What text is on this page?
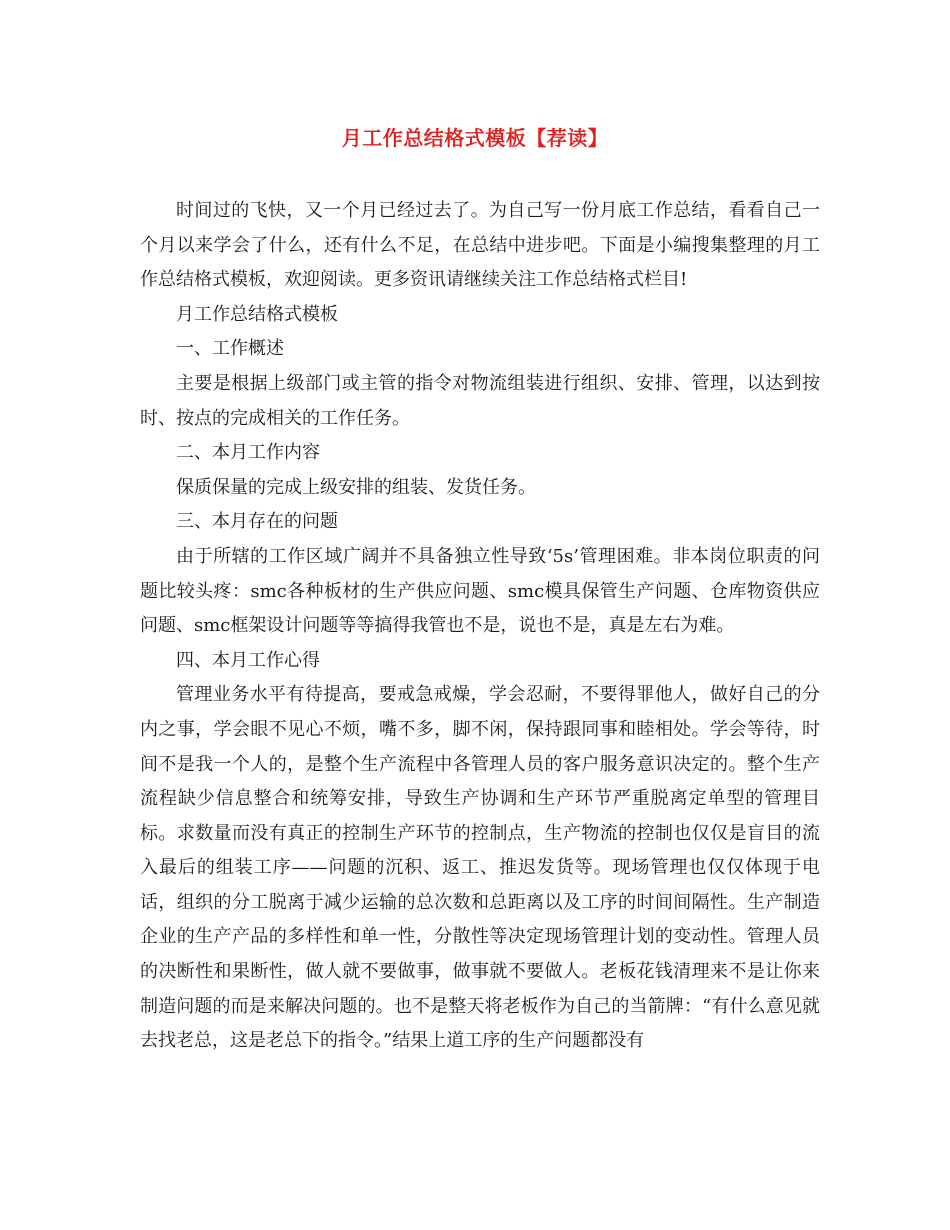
月工作总结格式模板【荐读】

时间过的飞快，又一个月已经过去了。为自己写一份月底工作总结，看看自己一个月以来学会了什么，还有什么不足，在总结中进步吧。下面是小编搜集整理的月工作总结格式模板，欢迎阅读。更多资讯请继续关注工作总结格式栏目!

月工作总结格式模板

一、工作概述

主要是根据上级部门或主管的指令对物流组装进行组织、安排、管理，以达到按时、按点的完成相关的工作任务。

二、本月工作内容

保质保量的完成上级安排的组装、发货任务。

三、本月存在的问题

由于所辖的工作区域广阔并不具备独立性导致‘5s’管理困难。非本岗位职责的问题比较头疼：smc各种板材的生产供应问题、smc模具保管生产问题、仓库物资供应问题、smc框架设计问题等等搞得我管也不是，说也不是，真是左右为难。

四、本月工作心得

管理业务水平有待提高，要戒急戒燥，学会忍耐，不要得罪他人，做好自己的分内之事，学会眼不见心不烦，嘴不多，脚不闲，保持跟同事和睦相处。学会等待，时间不是我一个人的，是整个生产流程中各管理人员的客户服务意识决定的。整个生产流程缺少信息整合和统筹安排，导致生产协调和生产环节严重脱离定单型的管理目标。求数量而没有真正的控制生产环节的控制点，生产物流的控制也仅仅是盲目的流入最后的组装工序——问题的沉积、返工、推迟发货等。现场管理也仅仅体现于电话，组织的分工脱离于减少运输的总次数和总距离以及工序的时间间隔性。生产制造企业的生产产品的多样性和单一性，分散性等决定现场管理计划的变动性。管理人员的决断性和果断性，做人就不要做事，做事就不要做人。老板花钱清理来不是让你来制造问题的而是来解决问题的。也不是整天将老板作为自己的当箭牌：“有什么意见就去找老总，这是老总下的指令。”结果上道工序的生产问题都没有
